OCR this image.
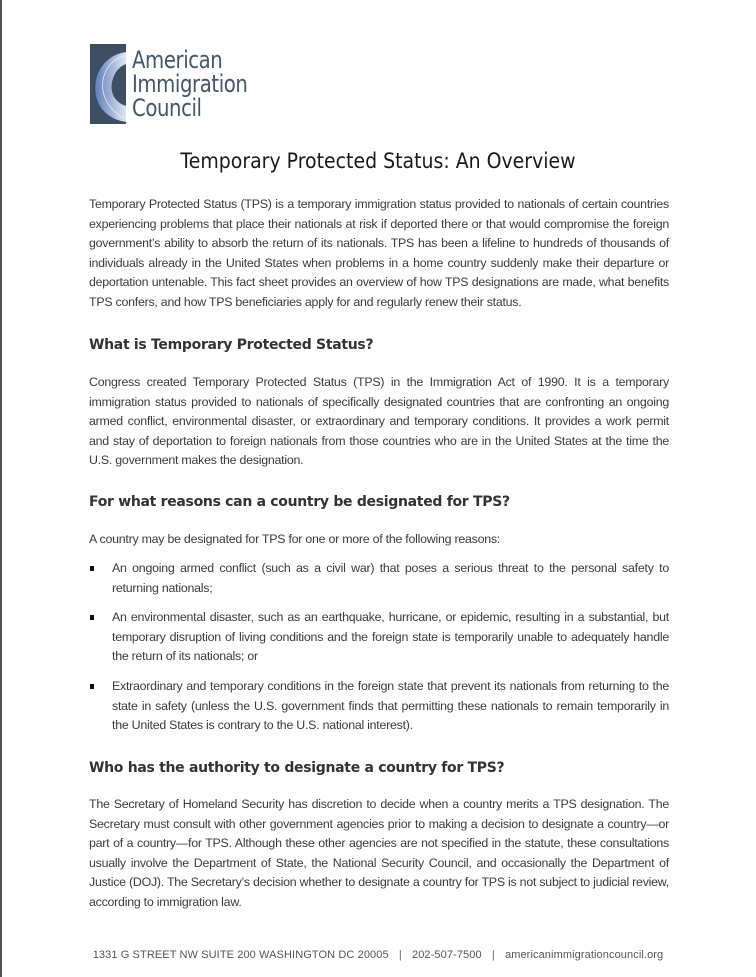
American
Immigration
Council
Temporary Protected Status: An Overview
Temporary Protected Status (TPS) is a temporary immigration status provided to nationals of certain countries experiencing problems that place their nationals at risk if deported there or that would compromise the foreign government’s ability to absorb the return of its nationals. TPS has been a lifeline to hundreds of thousands of individuals already in the United States when problems in a home country suddenly make their departure or deportation untenable. This fact sheet provides an overview of how TPS designations are made, what benefits TPS confers, and how TPS beneficiaries apply for and regularly renew their status.
What is Temporary Protected Status?
Congress created Temporary Protected Status (TPS) in the Immigration Act of 1990. It is a temporary immigration status provided to nationals of specifically designated countries that are confronting an ongoing armed conflict, environmental disaster, or extraordinary and temporary conditions. It provides a work permit and stay of deportation to foreign nationals from those countries who are in the United States at the time the U.S. government makes the designation.
For what reasons can a country be designated for TPS?
A country may be designated for TPS for one or more of the following reasons:
An ongoing armed conflict (such as a civil war) that poses a serious threat to the personal safety to returning nationals;
An environmental disaster, such as an earthquake, hurricane, or epidemic, resulting in a substantial, but temporary disruption of living conditions and the foreign state is temporarily unable to adequately handle the return of its nationals; or
Extraordinary and temporary conditions in the foreign state that prevent its nationals from returning to the state in safety (unless the U.S. government finds that permitting these nationals to remain temporarily in the United States is contrary to the U.S. national interest).
Who has the authority to designate a country for TPS?
The Secretary of Homeland Security has discretion to decide when a country merits a TPS designation. The Secretary must consult with other government agencies prior to making a decision to designate a country—or part of a country—for TPS. Although these other agencies are not specified in the statute, these consultations usually involve the Department of State, the National Security Council, and occasionally the Department of Justice (DOJ). The Secretary’s decision whether to designate a country for TPS is not subject to judicial review, according to immigration law.
1331 G STREET NW SUITE 200 WASHINGTON DC 20005 | 202-507-7500 | americanimmigrationcouncil.org
